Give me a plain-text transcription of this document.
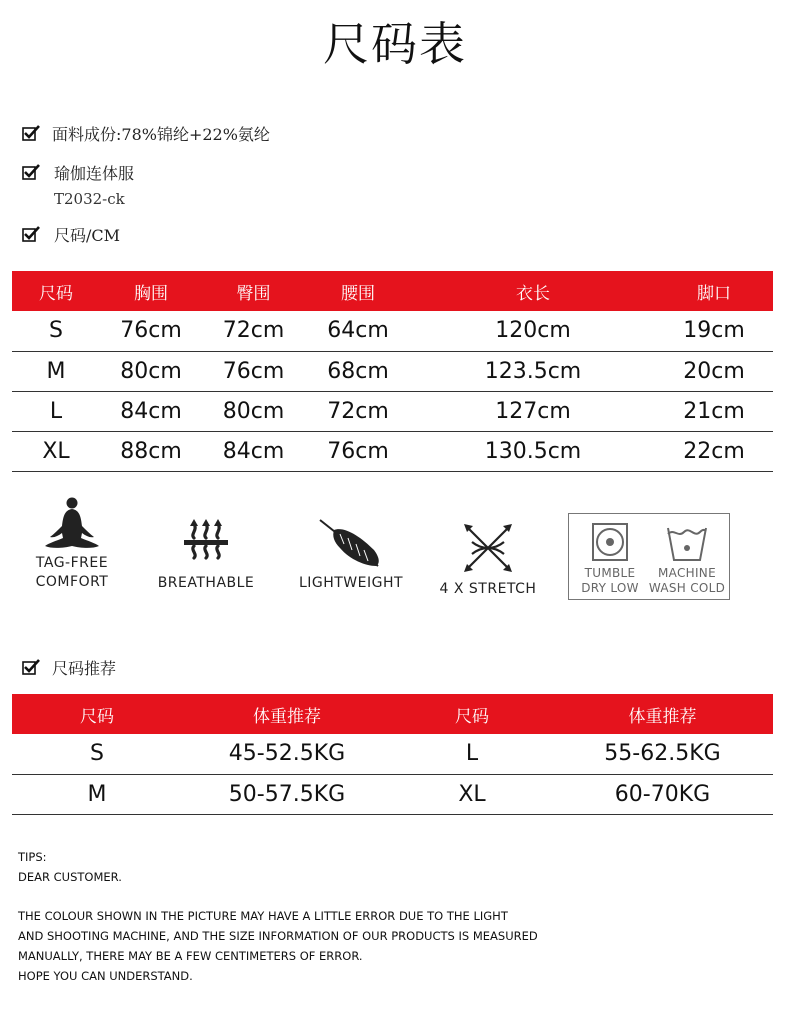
尺码表
面料成份:78%锦纶+22%氨纶
瑜伽连体服
T2032-ck
尺码/CM
尺码	胸围	臀围	腰围	衣长	脚口
S	76cm	72cm	64cm	120cm	19cm
M	80cm	76cm	68cm	123.5cm	20cm
L	84cm	80cm	72cm	127cm	21cm
XL	88cm	84cm	76cm	130.5cm	22cm
TAG-FREE
COMFORT	BREATHABLE	LIGHTWEIGHT	4 X STRETCH
TUMBLE
DRY LOW
MACHINE
WASH COLD
尺码推荐
尺码	体重推荐	尺码	体重推荐
S	45-52.5KG	L	55-62.5KG
M	50-57.5KG	XL	60-70KG
TIPS:
DEAR CUSTOMER.
THE COLOUR SHOWN IN THE PICTURE MAY HAVE A LITTLE ERROR DUE TO THE LIGHT
AND SHOOTING MACHINE, AND THE SIZE INFORMATION OF OUR PRODUCTS IS MEASURED
MANUALLY, THERE MAY BE A FEW CENTIMETERS OF ERROR.
HOPE YOU CAN UNDERSTAND.
